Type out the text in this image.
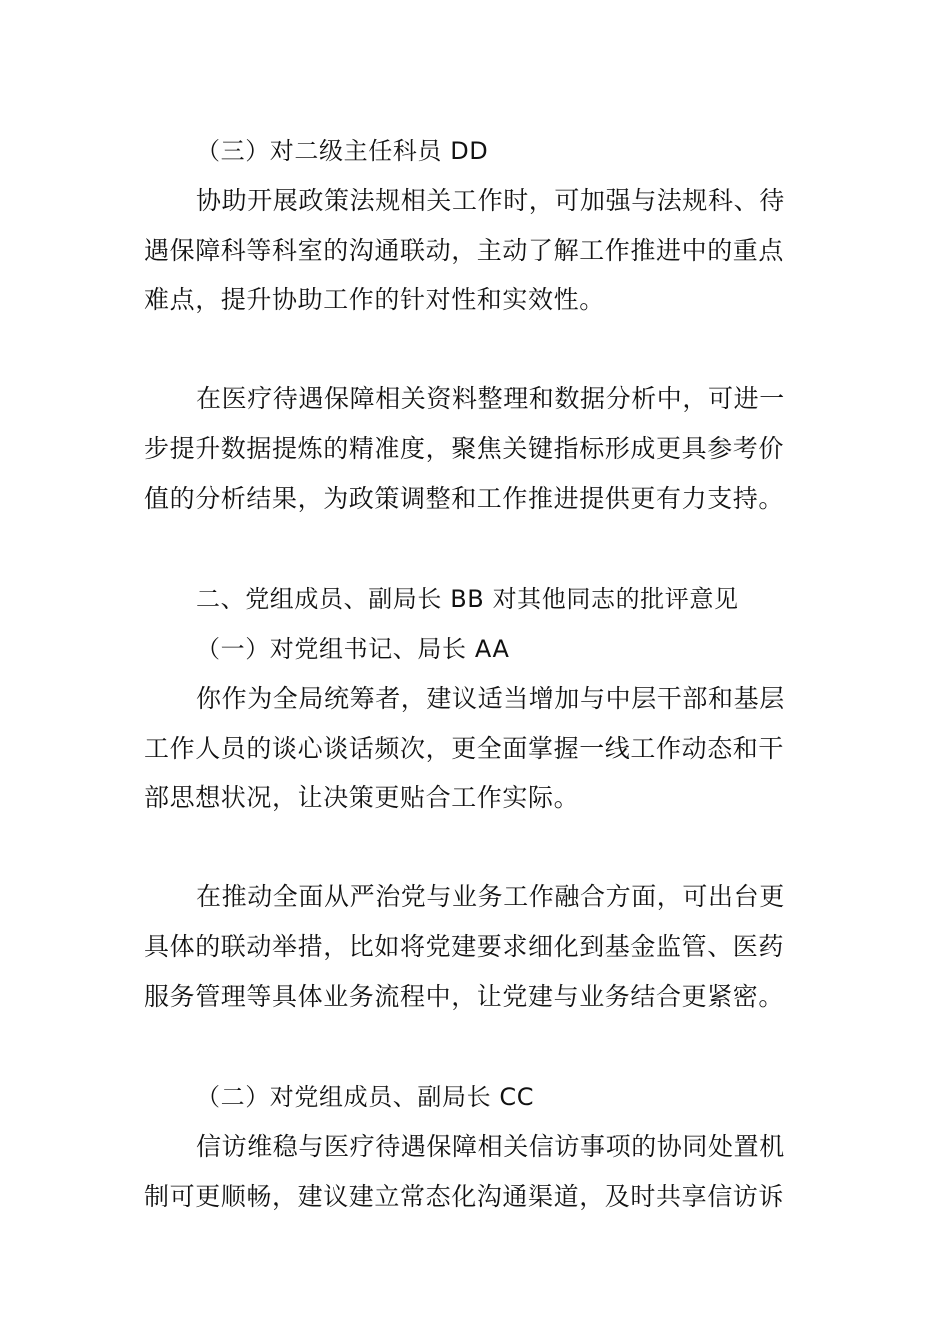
（三）对二级主任科员 DD
协助开展政策法规相关工作时，可加强与法规科、待
遇保障科等科室的沟通联动，主动了解工作推进中的重点
难点，提升协助工作的针对性和实效性。
在医疗待遇保障相关资料整理和数据分析中，可进一
步提升数据提炼的精准度，聚焦关键指标形成更具参考价
值的分析结果，为政策调整和工作推进提供更有力支持。
二、党组成员、副局长 BB 对其他同志的批评意见
（一）对党组书记、局长 AA
你作为全局统筹者，建议适当增加与中层干部和基层
工作人员的谈心谈话频次，更全面掌握一线工作动态和干
部思想状况，让决策更贴合工作实际。
在推动全面从严治党与业务工作融合方面，可出台更
具体的联动举措，比如将党建要求细化到基金监管、医药
服务管理等具体业务流程中，让党建与业务结合更紧密。
（二）对党组成员、副局长 CC
信访维稳与医疗待遇保障相关信访事项的协同处置机
制可更顺畅，建议建立常态化沟通渠道，及时共享信访诉
